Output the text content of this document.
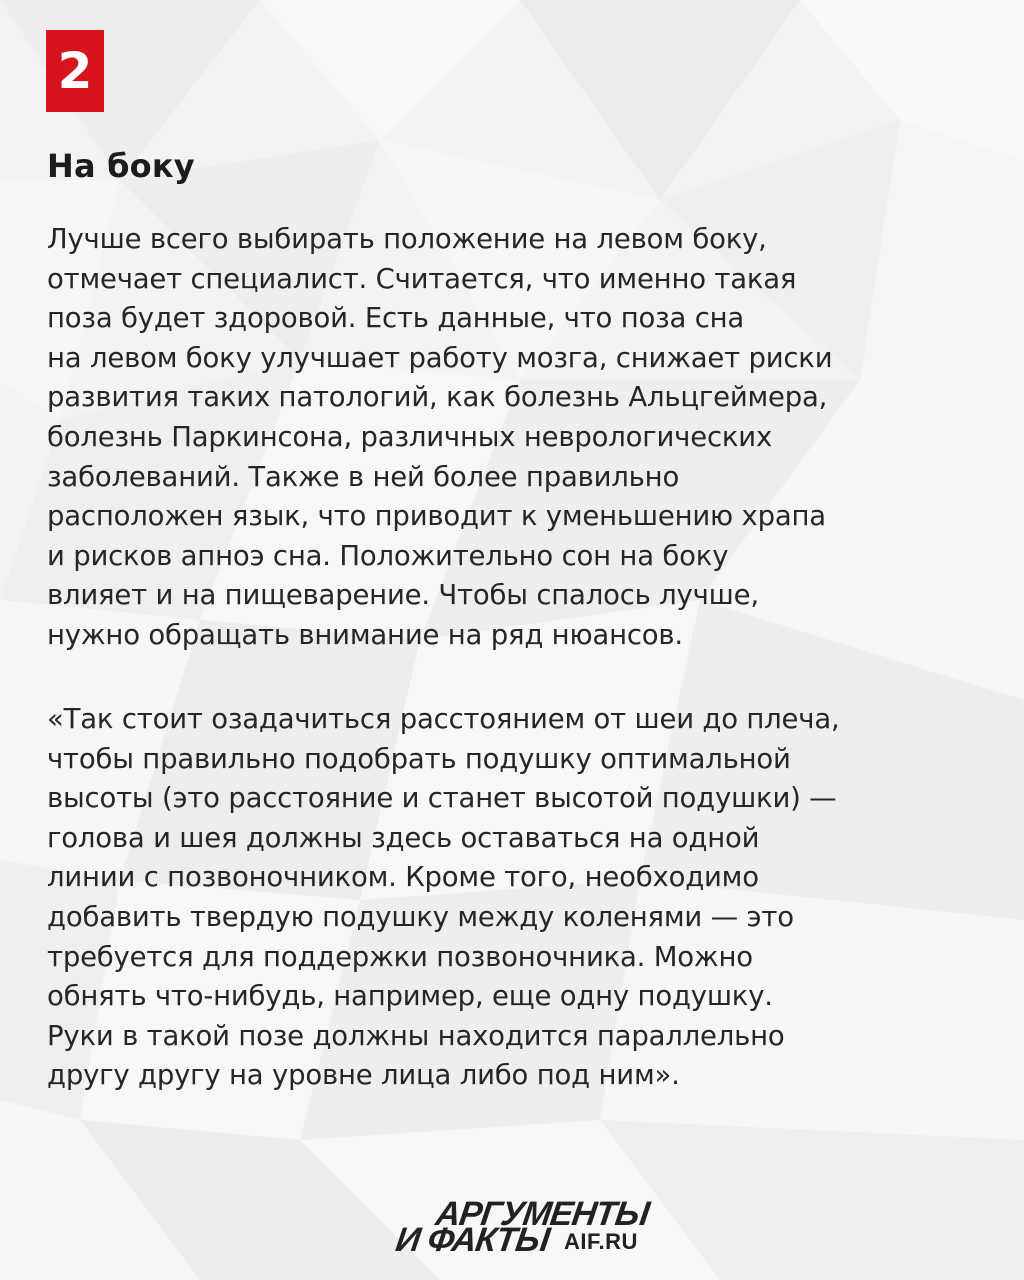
2
На боку

Лучше всего выбирать положение на левом боку,
отмечает специалист. Считается, что именно такая
поза будет здоровой. Есть данные, что поза сна
на левом боку улучшает работу мозга, снижает риски
развития таких патологий, как болезнь Альцгеймера,
болезнь Паркинсона, различных неврологических
заболеваний. Также в ней более правильно
расположен язык, что приводит к уменьшению храпа
и рисков апноэ сна. Положительно сон на боку
влияет и на пищеварение. Чтобы спалось лучше,
нужно обращать внимание на ряд нюансов.

«Так стоит озадачиться расстоянием от шеи до плеча,
чтобы правильно подобрать подушку оптимальной
высоты (это расстояние и станет высотой подушки) —
голова и шея должны здесь оставаться на одной
линии с позвоночником. Кроме того, необходимо
добавить твердую подушку между коленями — это
требуется для поддержки позвоночника. Можно
обнять что-нибудь, например, еще одну подушку.
Руки в такой позе должны находится параллельно
другу другу на уровне лица либо под ним».

АРГУМЕНТЫ
И ФАКТЫ AIF.RU
